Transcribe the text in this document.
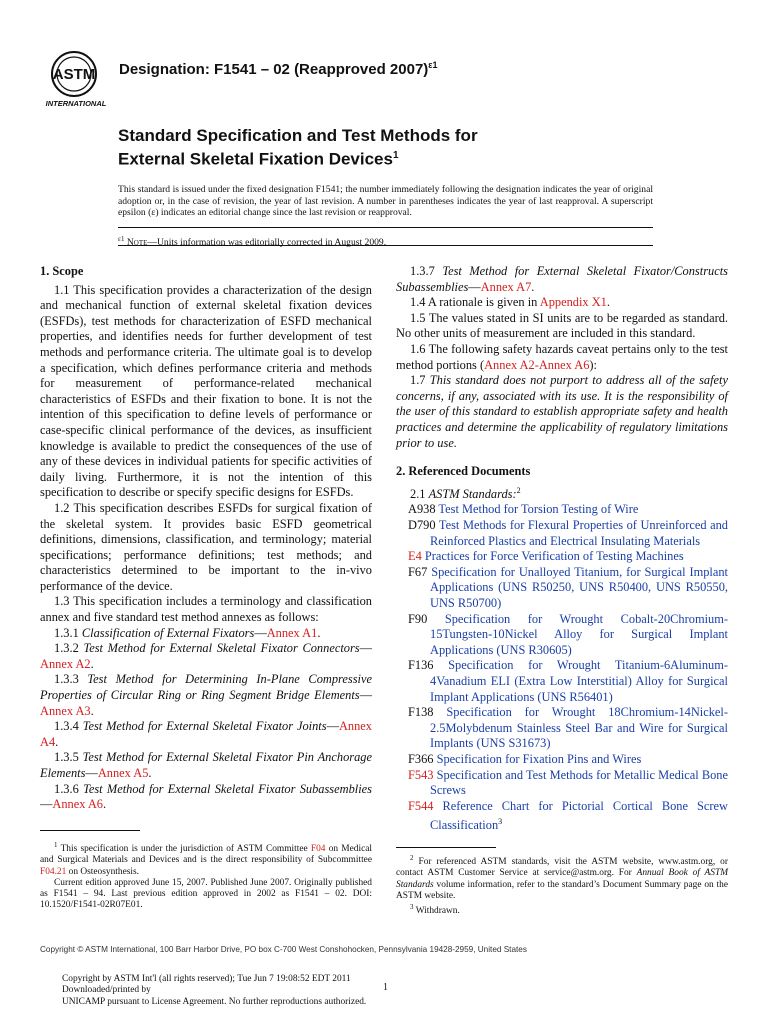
ASTM
INTERNATIONAL
Designation: F1541 – 02 (Reapproved 2007)$^{\varepsilon 1}$
Standard Specification and Test Methods for
External Skeletal Fixation Devices$^1$
This standard is issued under the fixed designation F1541; the number immediately following the designation indicates the year of original adoption or, in the case of revision, the year of last revision. A number in parentheses indicates the year of last reapproval. A superscript epsilon (ε) indicates an editorial change since the last revision or reapproval.
$^{\varepsilon 1}$ Note—Units information was editorially corrected in August 2009.
1. Scope

1.1 This specification provides a characterization of the design and mechanical function of external skeletal fixation devices (ESFDs), test methods for characterization of ESFD mechanical properties, and identifies needs for further development of test methods and performance criteria. The ultimate goal is to develop a specification, which defines performance criteria and methods for measurement of performance-related mechanical characteristics of ESFDs and their fixation to bone. It is not the intention of this specification to define levels of performance or case-specific clinical performance of the devices, as insufficient knowledge is available to predict the consequences of the use of any of these devices in individual patients for specific activities of daily living. Furthermore, it is not the intention of this specification to describe or specify specific designs for ESFDs.

1.2 This specification describes ESFDs for surgical fixation of the skeletal system. It provides basic ESFD geometrical definitions, dimensions, classification, and terminology; material specifications; performance definitions; test methods; and characteristics determined to be important to the in-vivo performance of the device.

1.3 This specification includes a terminology and classification annex and five standard test method annexes as follows:

1.3.1 Classification of External Fixators—Annex A1.

1.3.2 Test Method for External Skeletal Fixator Connectors—Annex A2.

1.3.3 Test Method for Determining In-Plane Compressive Properties of Circular Ring or Ring Segment Bridge Elements—Annex A3.

1.3.4 Test Method for External Skeletal Fixator Joints—Annex A4.

1.3.5 Test Method for External Skeletal Fixator Pin Anchorage Elements—Annex A5.

1.3.6 Test Method for External Skeletal Fixator Subassemblies—Annex A6.

1.3.7 Test Method for External Skeletal Fixator/Constructs Subassemblies—Annex A7.

1.4 A rationale is given in Appendix X1.

1.5 The values stated in SI units are to be regarded as standard. No other units of measurement are included in this standard.

1.6 The following safety hazards caveat pertains only to the test method portions (Annex A2-Annex A6):

1.7 This standard does not purport to address all of the safety concerns, if any, associated with its use. It is the responsibility of the user of this standard to establish appropriate safety and health practices and determine the applicability of regulatory limitations prior to use.

2. Referenced Documents

2.1 ASTM Standards:$^2$

A938 Test Method for Torsion Testing of Wire

D790 Test Methods for Flexural Properties of Unreinforced and Reinforced Plastics and Electrical Insulating Materials

E4 Practices for Force Verification of Testing Machines

F67 Specification for Unalloyed Titanium, for Surgical Implant Applications (UNS R50250, UNS R50400, UNS R50550, UNS R50700)

F90 Specification for Wrought Cobalt-20Chromium-15Tungsten-10Nickel Alloy for Surgical Implant Applications (UNS R30605)

F136 Specification for Wrought Titanium-6Aluminum-4Vanadium ELI (Extra Low Interstitial) Alloy for Surgical Implant Applications (UNS R56401)

F138 Specification for Wrought 18Chromium-14Nickel-2.5Molybdenum Stainless Steel Bar and Wire for Surgical Implants (UNS S31673)

F366 Specification for Fixation Pins and Wires

F543 Specification and Test Methods for Metallic Medical Bone Screws

F544 Reference Chart for Pictorial Cortical Bone Screw Classification$^3$

$^1$ This specification is under the jurisdiction of ASTM Committee F04 on Medical and Surgical Materials and Devices and is the direct responsibility of Subcommittee F04.21 on Osteosynthesis.

Current edition approved June 15, 2007. Published June 2007. Originally published as F1541 – 94. Last previous edition approved in 2002 as F1541 – 02. DOI: 10.1520/F1541-02R07E01.

$^2$ For referenced ASTM standards, visit the ASTM website, www.astm.org, or contact ASTM Customer Service at service@astm.org. For Annual Book of ASTM Standards volume information, refer to the standard’s Document Summary page on the ASTM website.

$^3$ Withdrawn.

Copyright © ASTM International, 100 Barr Harbor Drive, PO box C-700 West Conshohocken, Pennsylvania 19428-2959, United States
Copyright by ASTM Int'l (all rights reserved); Tue Jun 7 19:08:52 EDT 2011
Downloaded/printed by
UNICAMP pursuant to License Agreement. No further reproductions authorized.
1
